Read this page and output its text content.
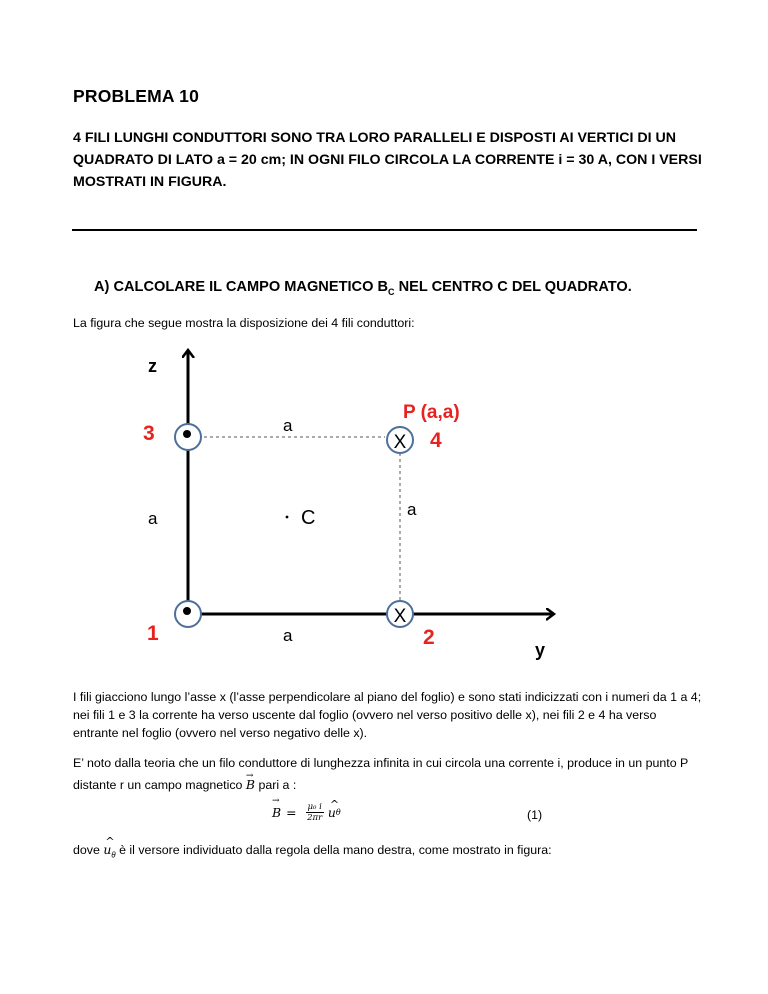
PROBLEMA 10
4 FILI LUNGHI CONDUTTORI SONO TRA LORO PARALLELI E DISPOSTI AI VERTICI DI UN QUADRATO DI LATO a = 20 cm; IN OGNI FILO CIRCOLA LA CORRENTE i = 30 A, CON I VERSI MOSTRATI IN FIGURA.
A) CALCOLARE IL CAMPO MAGNETICO $B_C$ NEL CENTRO C DEL QUADRATO.
La figura che segue mostra la disposizione dei 4 fili conduttori:
X
X
z
y
3
1
4
2
P (a,a)
a
a	a
a
C
I fili giacciono lungo l’asse x (l’asse perpendicolare al piano del foglio) e sono stati indicizzati con i numeri da 1 a 4; nei fili 1 e 3 la corrente ha verso uscente dal foglio (ovvero nel verso positivo delle x), nei fili 2 e 4 ha verso entrante nel foglio (ovvero nel verso negativo delle x).
E’ noto dalla teoria che un filo conduttore di lunghezza infinita in cui circola una corrente i, produce in un punto P distante r un campo magnetico → B pari a :
→ $B = \frac{\text{μ₀ i}}{2\pi r}$
^ u θ	(1)
dove ^ $u_\theta$ è il versore individuato dalla regola della mano destra, come mostrato in figura:
